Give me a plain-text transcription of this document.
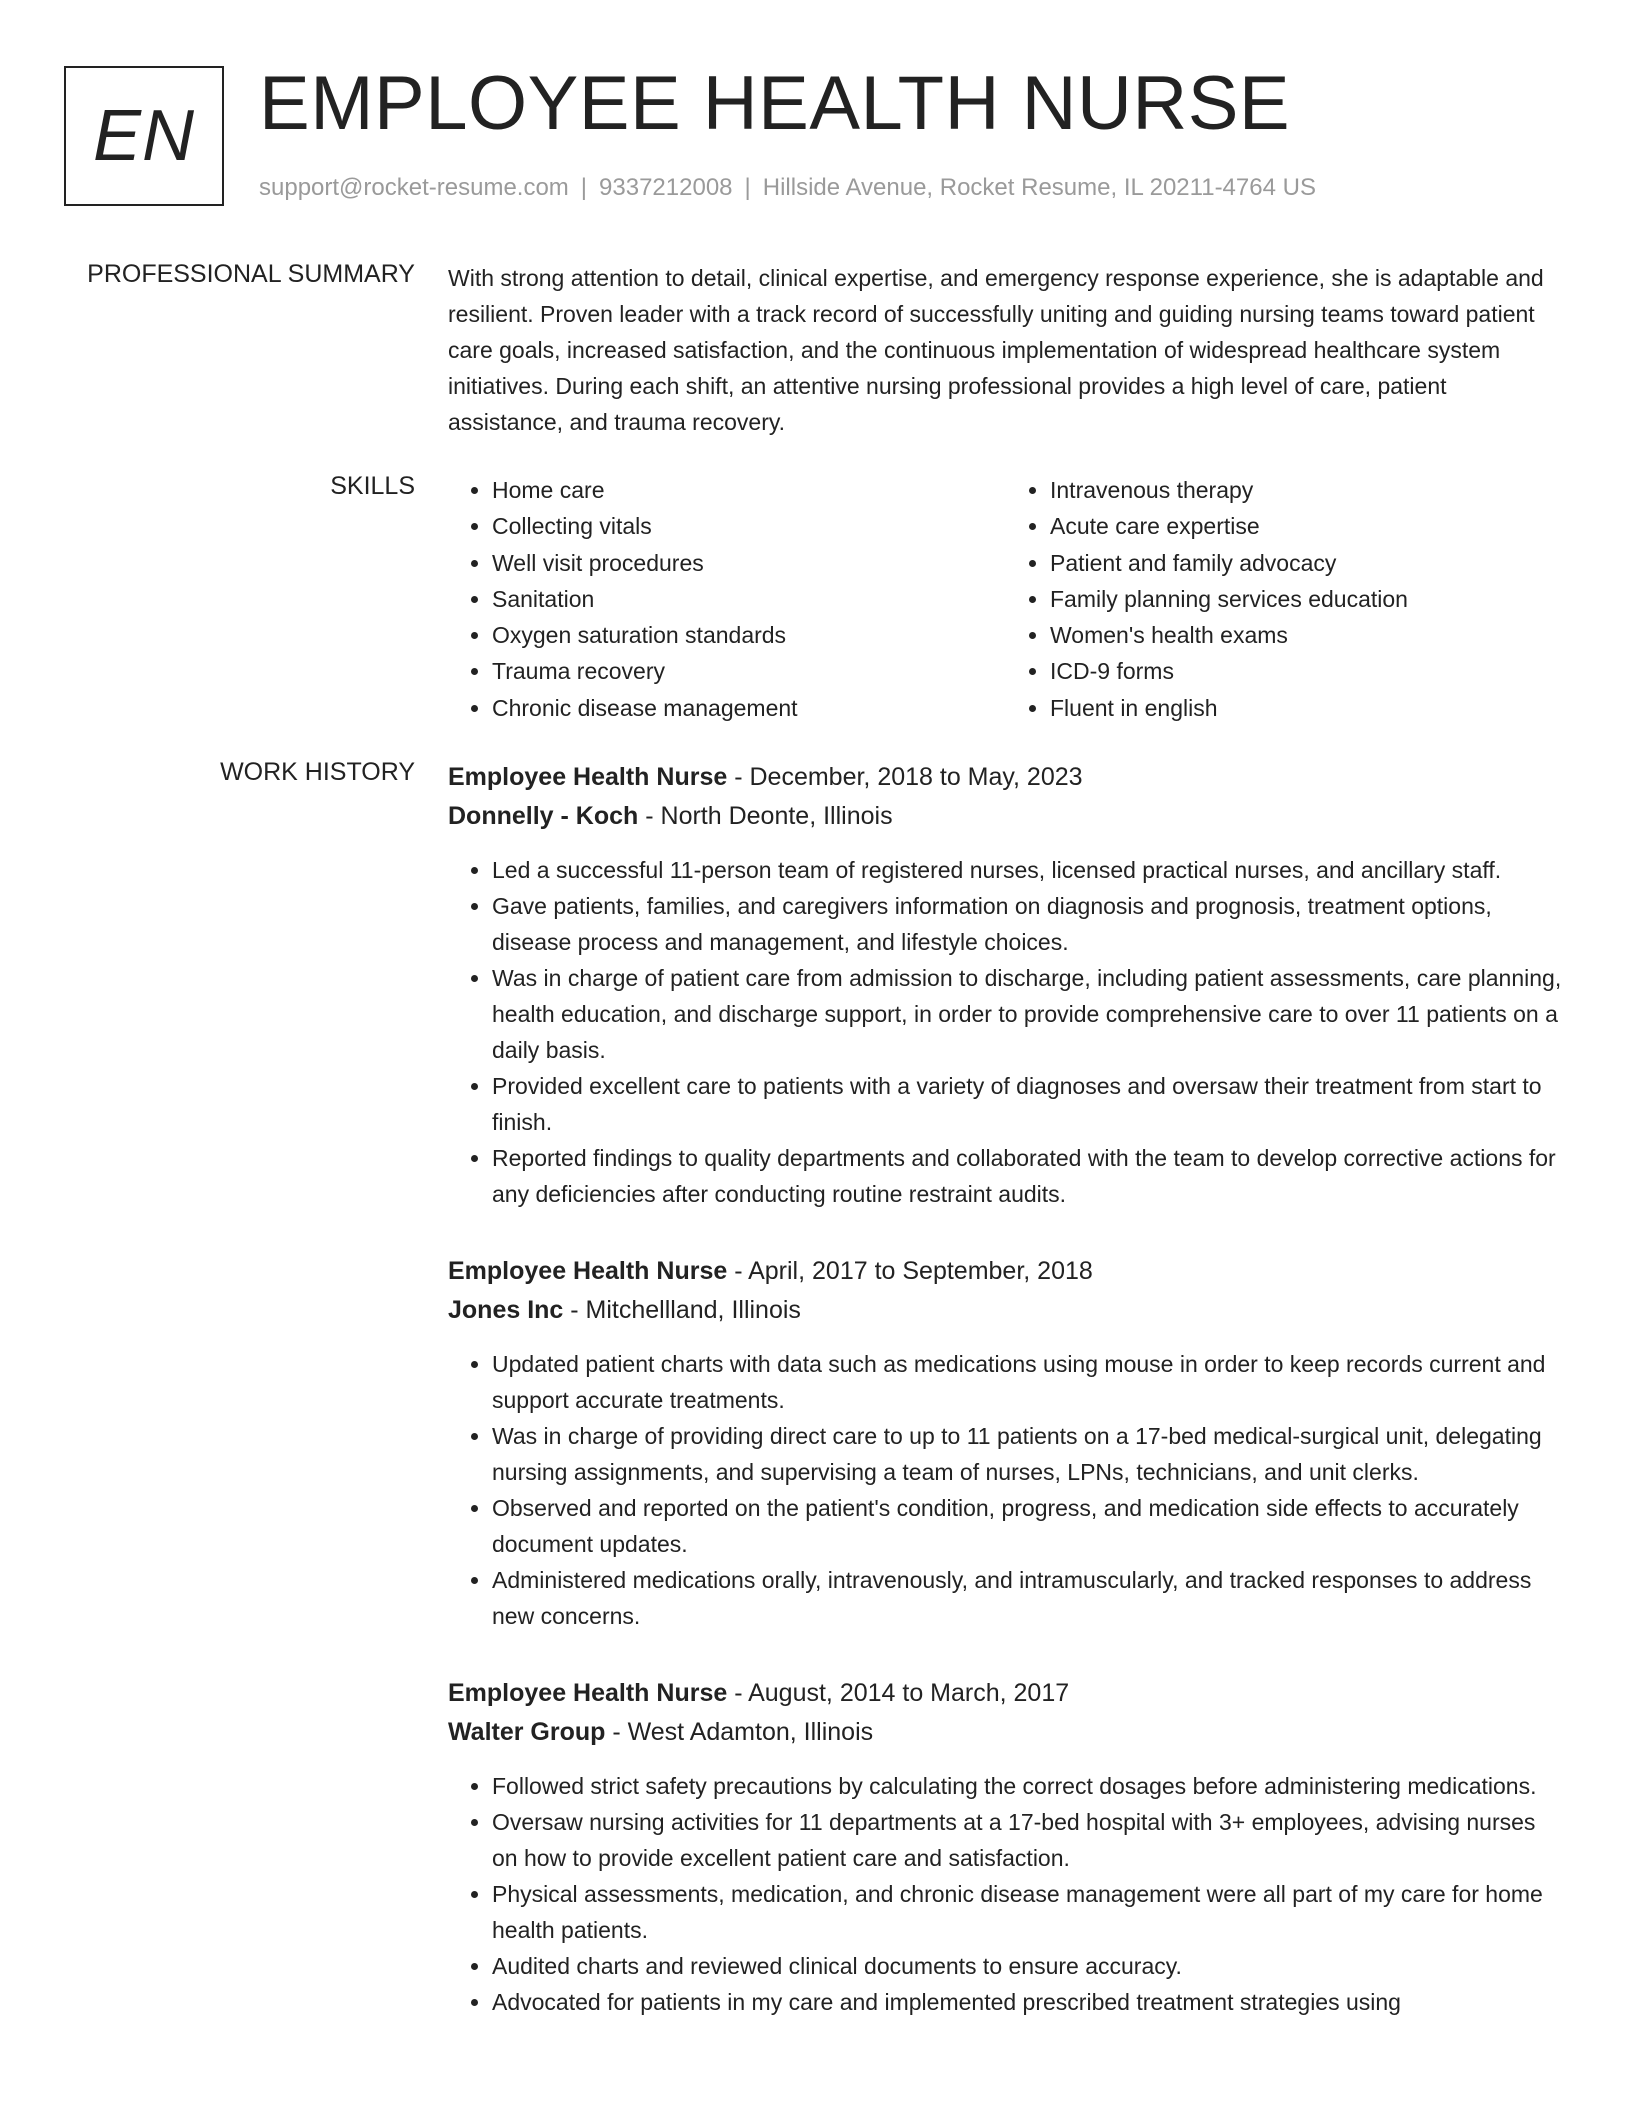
EN EMPLOYEE HEALTH NURSE
support@rocket-resume.com | 9337212008 | Hillside Avenue, Rocket Resume, IL 20211-4764 US
PROFESSIONAL SUMMARY With strong attention to detail, clinical expertise, and emergency response experience, she is adaptable and resilient. Proven leader with a track record of successfully uniting and guiding nursing teams toward patient care goals, increased satisfaction, and the continuous implementation of widespread healthcare system initiatives. During each shift, an attentive nursing professional provides a high level of care, patient assistance, and trauma recovery.

SKILLS
•	Home care
• Collecting vitals
• Well visit procedures
• Sanitation
• Oxygen saturation standards
• Trauma recovery
• Chronic disease management
• Intravenous therapy
• Acute care expertise
• Patient and family advocacy
• Family planning services education
• Women's health exams
• ICD-9 forms
• Fluent in english
WORK HISTORY Employee Health Nurse - December, 2018 to May, 2023
Donnelly - Koch - North Deonte, Illinois
• Led a successful 11-person team of registered nurses, licensed practical nurses, and ancillary staff.
• Gave patients, families, and caregivers information on diagnosis and prognosis, treatment options, disease process and management, and lifestyle choices.
• Was in charge of patient care from admission to discharge, including patient assessments, care planning, health education, and discharge support, in order to provide comprehensive care to over 11 patients on a daily basis.
• Provided excellent care to patients with a variety of diagnoses and oversaw their treatment from start to finish.
• Reported findings to quality departments and collaborated with the team to develop corrective actions for any deficiencies after conducting routine restraint audits.
Employee Health Nurse - April, 2017 to September, 2018
Jones Inc - Mitchellland, Illinois
• Updated patient charts with data such as medications using mouse in order to keep records current and support accurate treatments.
• Was in charge of providing direct care to up to 11 patients on a 17-bed medical-surgical unit, delegating nursing assignments, and supervising a team of nurses, LPNs, technicians, and unit clerks.
• Observed and reported on the patient's condition, progress, and medication side effects to accurately document updates.
• Administered medications orally, intravenously, and intramuscularly, and tracked responses to address new concerns.
Employee Health Nurse - August, 2014 to March, 2017
Walter Group - West Adamton, Illinois
• Followed strict safety precautions by calculating the correct dosages before administering medications.
• Oversaw nursing activities for 11 departments at a 17-bed hospital with 3+ employees, advising nurses on how to provide excellent patient care and satisfaction.
• Physical assessments, medication, and chronic disease management were all part of my care for home health patients.
• Audited charts and reviewed clinical documents to ensure accuracy.
• Advocated for patients in my care and implemented prescribed treatment strategies using
